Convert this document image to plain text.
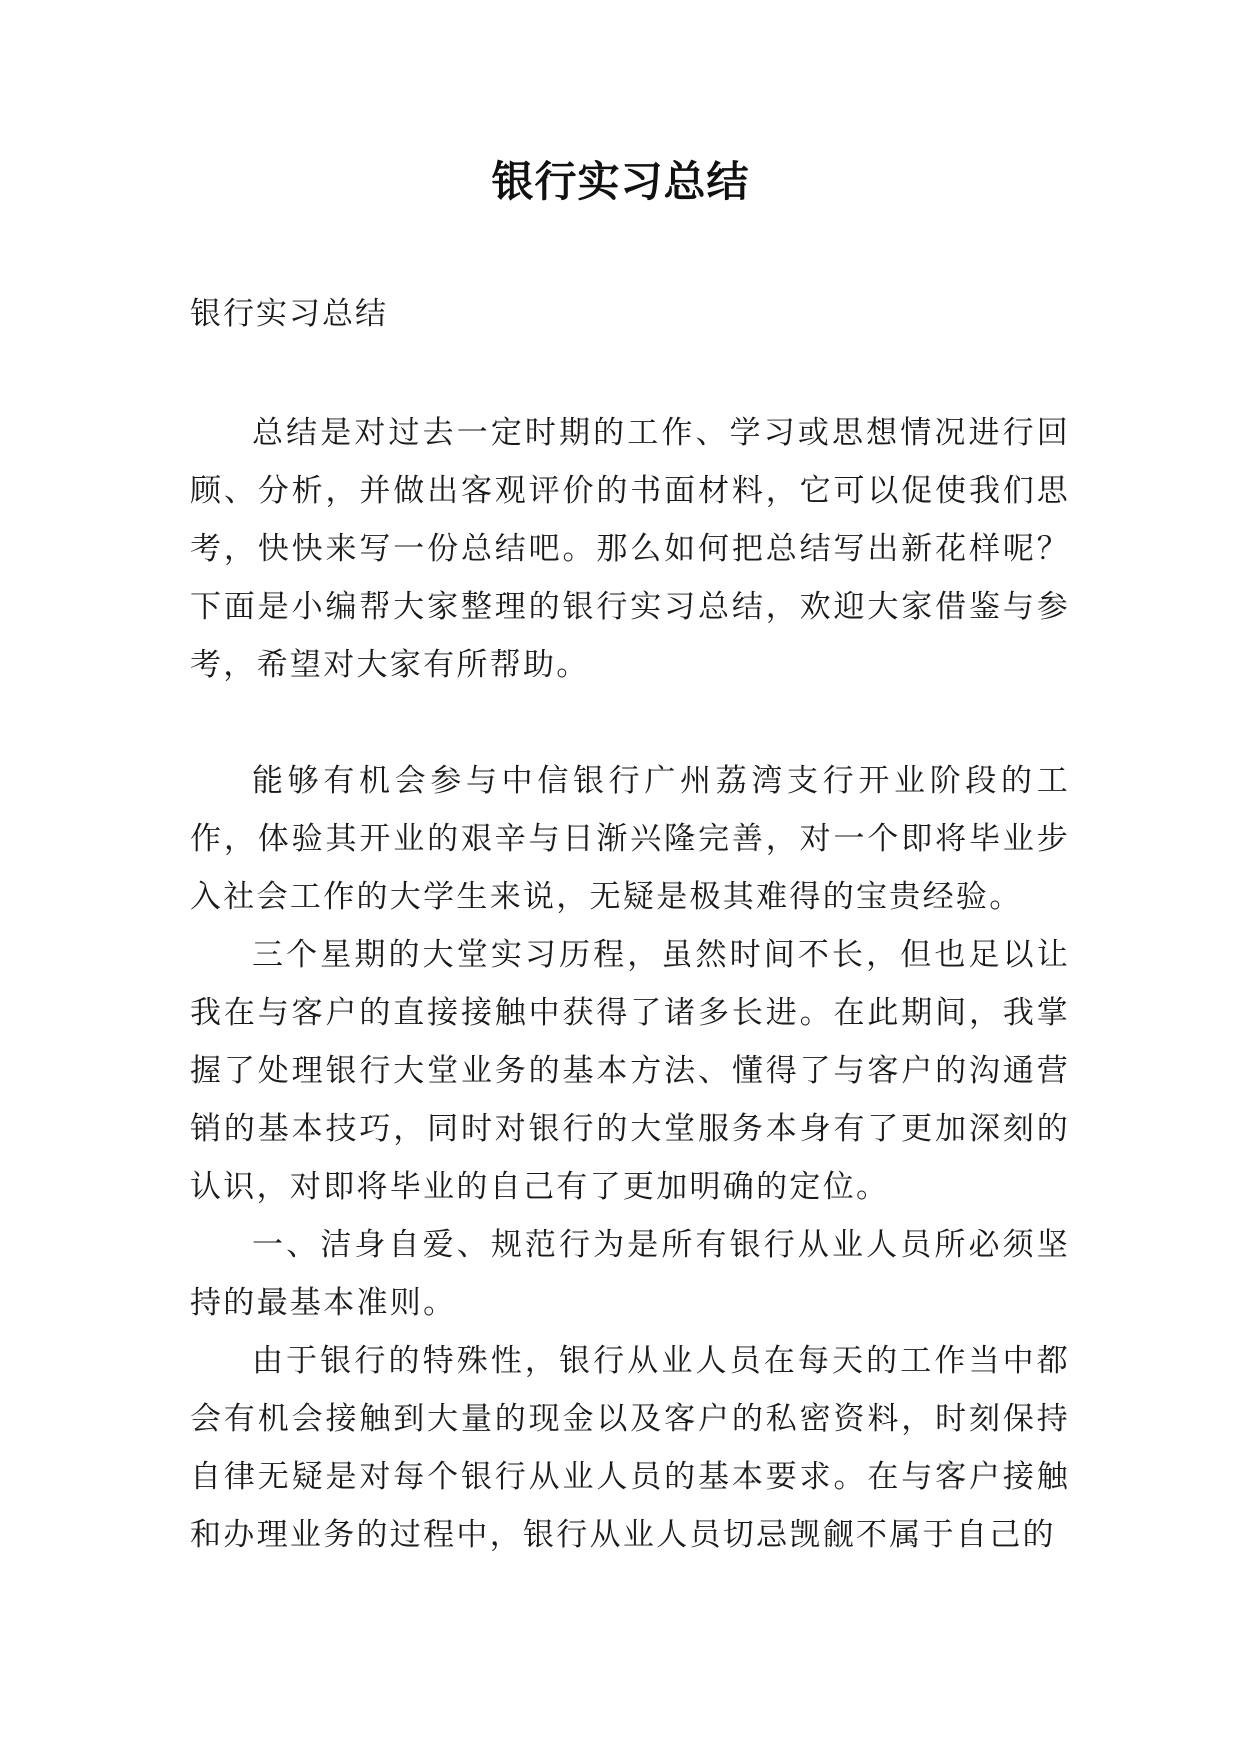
银行实习总结

银行实习总结

总结是对过去一定时期的工作、学习或思想情况进行回顾、分析，并做出客观评价的书面材料，它可以促使我们思考，快快来写一份总结吧。那么如何把总结写出新花样呢？下面是小编帮大家整理的银行实习总结，欢迎大家借鉴与参考，希望对大家有所帮助。

能够有机会参与中信银行广州荔湾支行开业阶段的工作，体验其开业的艰辛与日渐兴隆完善，对一个即将毕业步入社会工作的大学生来说，无疑是极其难得的宝贵经验。

三个星期的大堂实习历程，虽然时间不长，但也足以让我在与客户的直接接触中获得了诸多长进。在此期间，我掌握了处理银行大堂业务的基本方法、懂得了与客户的沟通营销的基本技巧，同时对银行的大堂服务本身有了更加深刻的认识，对即将毕业的自己有了更加明确的定位。

一、洁身自爱、规范行为是所有银行从业人员所必须坚持的最基本准则。

由于银行的特殊性，银行从业人员在每天的工作当中都会有机会接触到大量的现金以及客户的私密资料，时刻保持自律无疑是对每个银行从业人员的基本要求。在与客户接触和办理业务的过程中，银行从业人员切忌觊觎不属于自己的
